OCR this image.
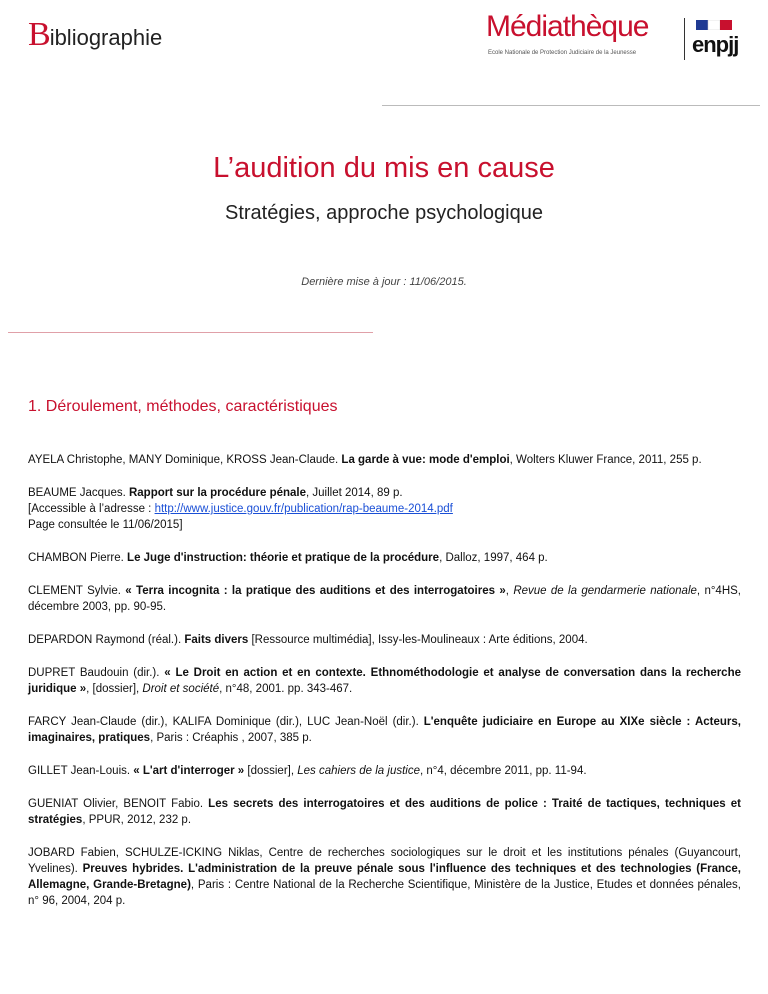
Bibliographie	Médiathèque
Ecole Nationale de Protection Judiciaire de la Jeunesse	enpjj
L’audition du mis en cause
Stratégies, approche psychologique
Dernière mise à jour : 11/06/2015.
1. Déroulement, méthodes, caractéristiques

AYELA Christophe, MANY Dominique, KROSS Jean-Claude. La garde à vue: mode d'emploi, Wolters Kluwer France, 2011, 255 p.

BEAUME Jacques. Rapport sur la procédure pénale, Juillet 2014, 89 p.
[Accessible à l’adresse : http://www.justice.gouv.fr/publication/rap-beaume-2014.pdf
Page consultée le 11/06/2015]

CHAMBON Pierre. Le Juge d'instruction: théorie et pratique de la procédure, Dalloz, 1997, 464 p.

CLEMENT Sylvie. « Terra incognita : la pratique des auditions et des interrogatoires », Revue de la gendarmerie nationale, n°4HS, décembre 2003, pp. 90-95.

DEPARDON Raymond (réal.). Faits divers [Ressource multimédia], Issy-les-Moulineaux : Arte éditions, 2004.

DUPRET Baudouin (dir.). « Le Droit en action et en contexte. Ethnométhodologie et analyse de conversation dans la recherche juridique », [dossier], Droit et société, n°48, 2001. pp. 343-467.

FARCY Jean-Claude (dir.), KALIFA Dominique (dir.), LUC Jean-Noël (dir.). L'enquête judiciaire en Europe au XIXe siècle : Acteurs, imaginaires, pratiques, Paris : Créaphis , 2007, 385 p.

GILLET Jean-Louis. « L'art d'interroger » [dossier], Les cahiers de la justice, n°4, décembre 2011, pp. 11-94.

GUENIAT Olivier, BENOIT Fabio. Les secrets des interrogatoires et des auditions de police : Traité de tactiques, techniques et stratégies, PPUR, 2012, 232 p.

JOBARD Fabien, SCHULZE-ICKING Niklas, Centre de recherches sociologiques sur le droit et les institutions pénales (Guyancourt, Yvelines). Preuves hybrides. L'administration de la preuve pénale sous l'influence des techniques et des technologies (France, Allemagne, Grande-Bretagne), Paris : Centre National de la Recherche Scientifique, Ministère de la Justice, Etudes et données pénales, n° 96, 2004, 204 p.
